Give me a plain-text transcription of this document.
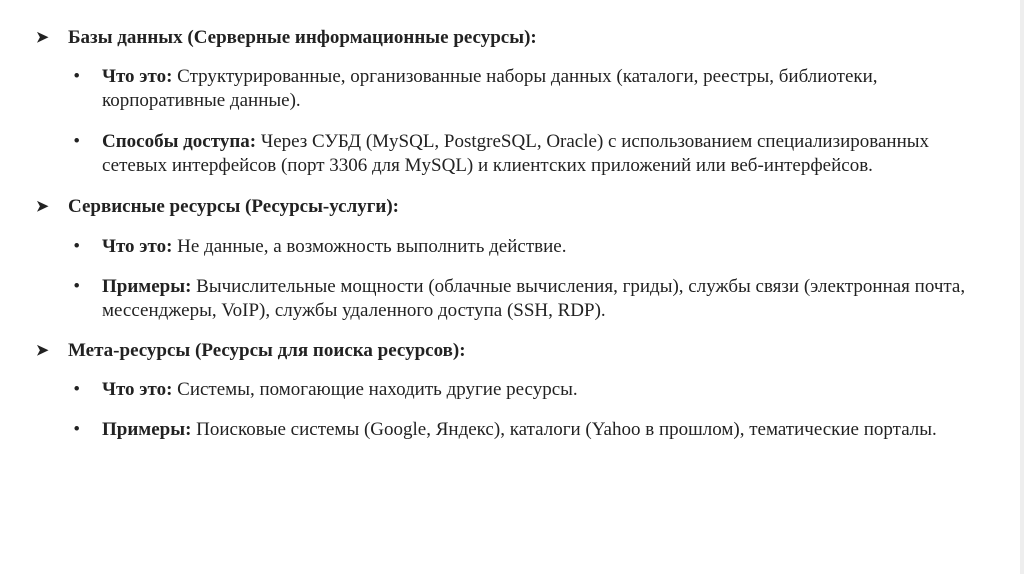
➤	Базы данных (Серверные информационные ресурсы):
•	Что это: Структурированные, организованные наборы данных (каталоги, реестры, библиотеки, корпоративные данные).
•	Способы доступа: Через СУБД (MySQL, PostgreSQL, Oracle) с использованием специализированных сетевых интерфейсов (порт 3306 для MySQL) и клиентских приложений или веб-интерфейсов.
➤	Сервисные ресурсы (Ресурсы-услуги):
•	Что это: Не данные, а возможность выполнить действие.
•	Примеры: Вычислительные мощности (облачные вычисления, гриды), службы связи (электронная почта, мессенджеры, VoIP), службы удаленного доступа (SSH, RDP).
➤	Мета-ресурсы (Ресурсы для поиска ресурсов):
•	Что это: Системы, помогающие находить другие ресурсы.
•	Примеры: Поисковые системы (Google, Яндекс), каталоги (Yahoo в прошлом), тематические порталы.
